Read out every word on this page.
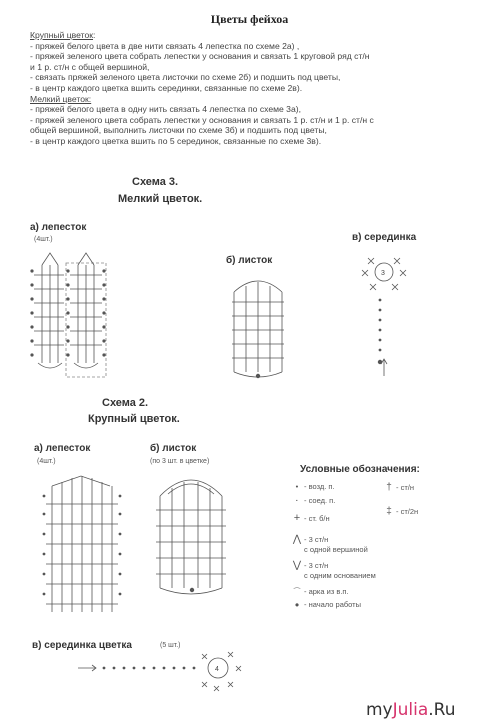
Цветы фейхоа
Крупный цветок:
- пряжей белого цвета в две нити связать 4 лепестка по схеме 2а) ,
- пряжей зеленого цвета собрать лепестки у основания и связать 1 круговой ряд ст/н
и 1 р. ст/н с общей вершиной,
- связать пряжей зеленого цвета листочки по схеме 2б) и подшить под цветы,
- в центр каждого цветка вшить серединки, связанные по схеме 2в).
Мелкий цветок:
- пряжей белого цвета в одну нить связать 4 лепестка по схеме 3а),
- пряжей зеленого цвета собрать лепестки у основания и связать 1 р. ст/н и 1 р. ст/н с
общей вершиной, выполнить листочки по схеме 3б) и подшить под цветы,
- в центр каждого цветка вшить по 5 серединок, связанные по схеме 3в).
Схема 3.
Мелкий цветок.
а) лепесток
(4шт.)
б) листок
в) серединка
3
Схема 2.
Крупный цветок.
а) лепесток
(4шт.)
б) листок
(по 3 шт. в цветке)
Условные обозначения:
• - возд. п.	† - ст/н
· - соед. п.
‡ - ст/2н
+ - ст. б/н
⋀ - 3 ст/н
с одной вершиной
⋁ - 3 ст/н
с одним основанием
⌒ - арка из в.п.
● - начало работы
в) серединка цветка	(5 шт.)
4
myJulia.Ru
